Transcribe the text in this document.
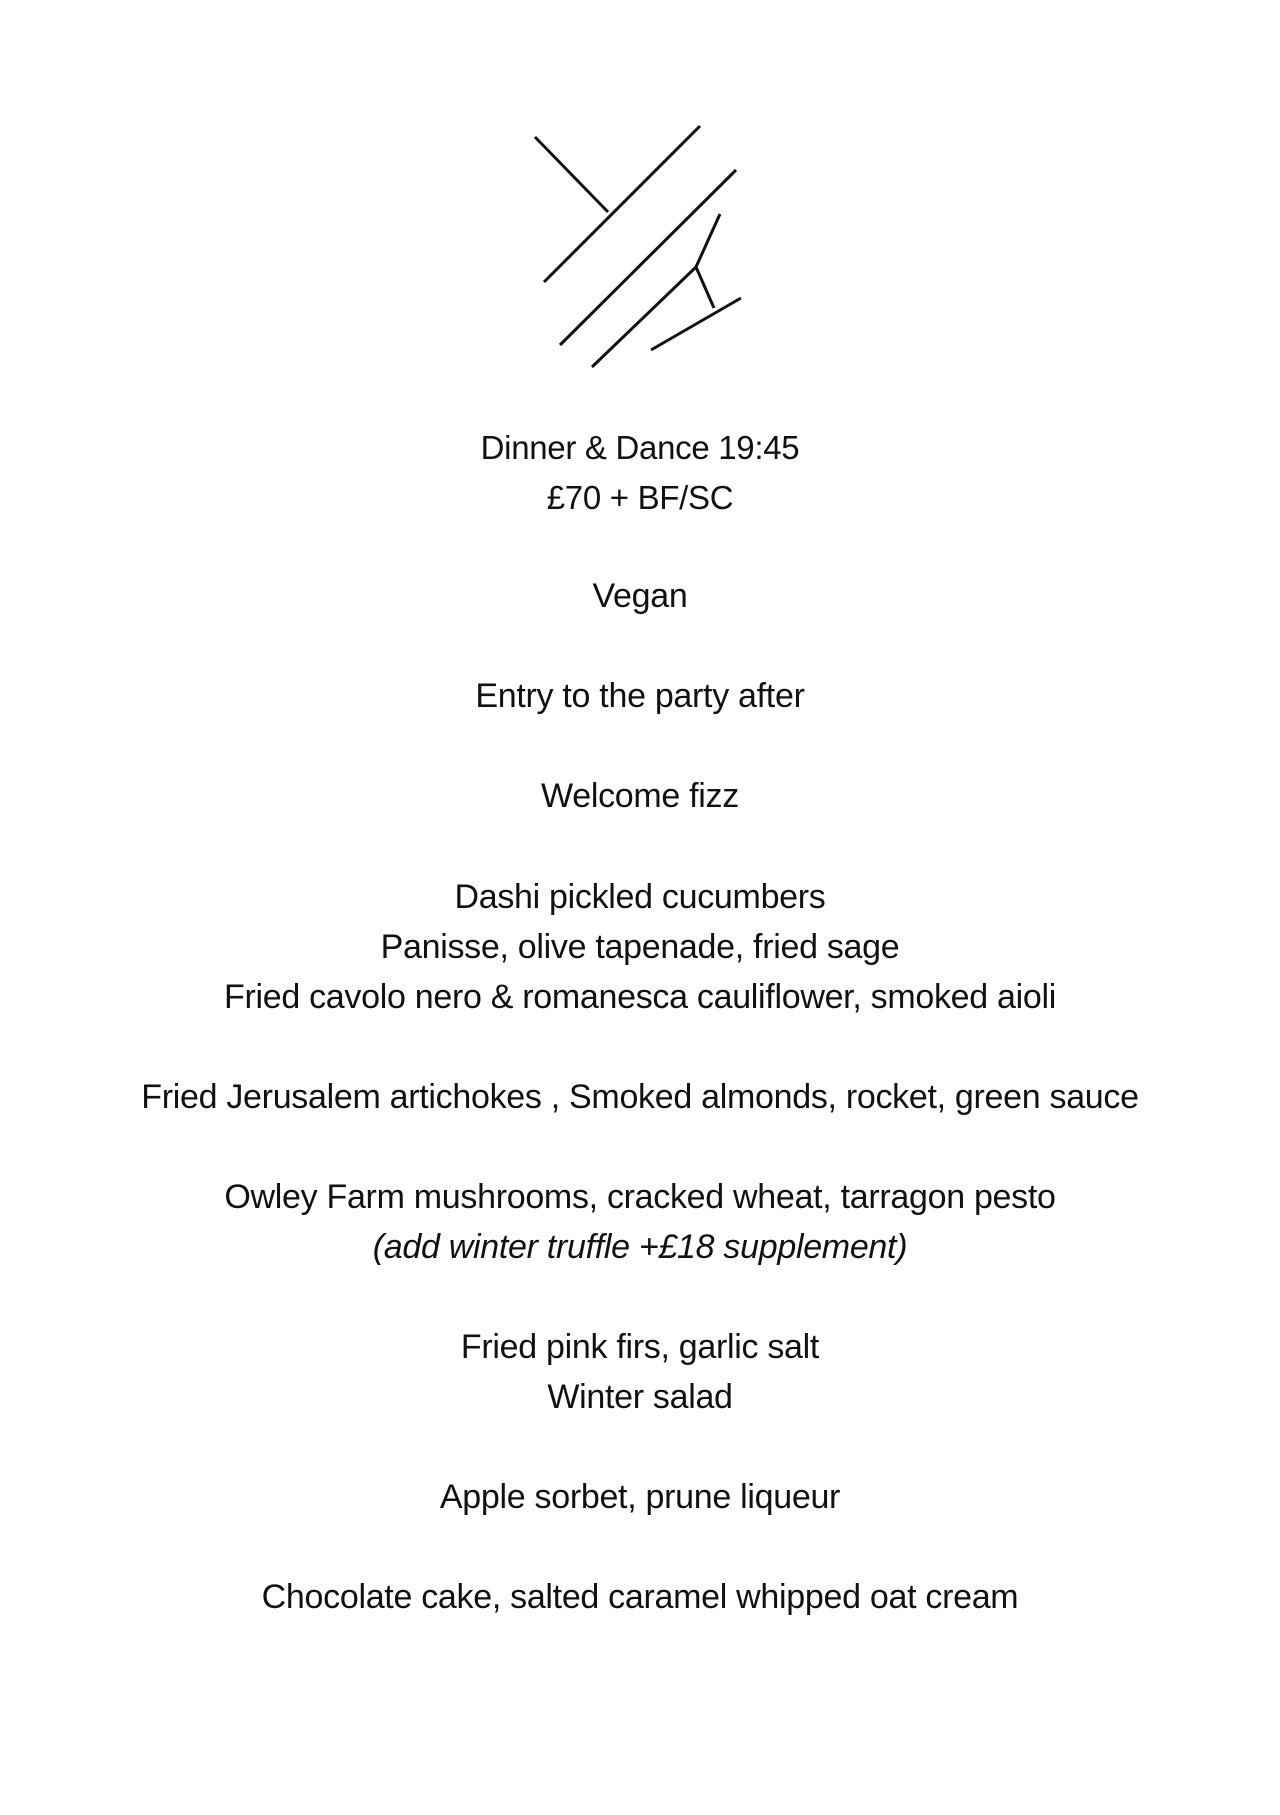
Dinner & Dance 19:45
£70 + BF/SC
Vegan
Entry to the party after
Welcome fizz
Dashi pickled cucumbers
Panisse, olive tapenade, fried sage
Fried cavolo nero & romanesca cauliflower, smoked aioli
Fried Jerusalem artichokes , Smoked almonds, rocket, green sauce
Owley Farm mushrooms, cracked wheat, tarragon pesto
(add winter truffle +£18 supplement)
Fried pink firs, garlic salt
Winter salad
Apple sorbet, prune liqueur
Chocolate cake, salted caramel whipped oat cream
